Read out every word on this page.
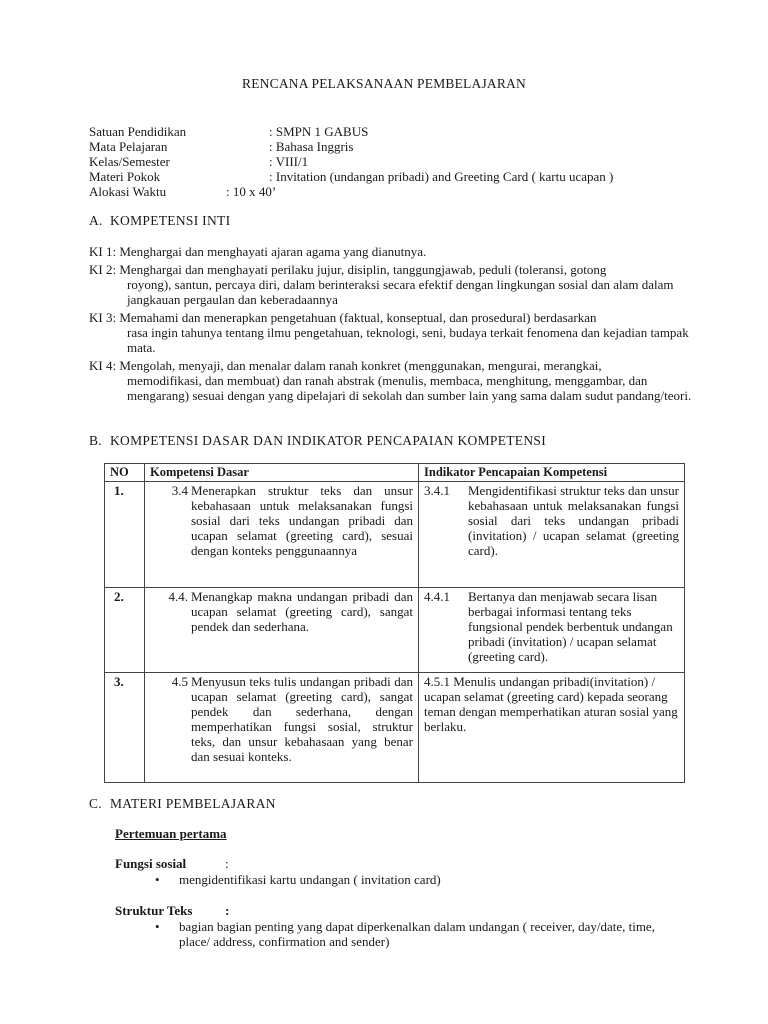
RENCANA PELAKSANAAN PEMBELAJARAN
Satuan Pendidikan	: SMPN 1 GABUS
Mata Pelajaran	: Bahasa Inggris
Kelas/Semester	: VIII/1
Materi Pokok	: Invitation (undangan pribadi) and Greeting Card ( kartu ucapan )
Alokasi Waktu	: 10 x 40’
A. KOMPETENSI INTI
KI 1: Menghargai dan menghayati ajaran agama yang dianutnya.
KI 2: Menghargai dan menghayati perilaku jujur, disiplin, tanggungjawab, peduli (toleransi, gotong
royong), santun, percaya diri, dalam berinteraksi secara efektif dengan lingkungan sosial dan alam dalam jangkauan pergaulan dan keberadaannya
KI 3: Memahami dan menerapkan pengetahuan (faktual, konseptual, dan prosedural) berdasarkan
rasa ingin tahunya tentang ilmu pengetahuan, teknologi, seni, budaya terkait fenomena dan kejadian tampak mata.
KI 4: Mengolah, menyaji, dan menalar dalam ranah konkret (menggunakan, mengurai, merangkai,
memodifikasi, dan membuat) dan ranah abstrak (menulis, membaca, menghitung, menggambar, dan mengarang) sesuai dengan yang dipelajari di sekolah dan sumber lain yang sama dalam sudut pandang/teori.
B. KOMPETENSI DASAR DAN INDIKATOR PENCAPAIAN KOMPETENSI
NO	Kompetensi Dasar	Indikator Pencapaian Kompetensi
1.	3.4 Menerapkan struktur teks dan unsur kebahasaan untuk melaksanakan fungsi sosial dari teks undangan pribadi dan ucapan selamat (greeting card), sesuai dengan konteks penggunaannya	3.4.1 Mengidentifikasi struktur teks dan unsur kebahasaan untuk melaksanakan fungsi sosial dari teks undangan pribadi (invitation) / ucapan selamat (greeting card).

2.	4.4. Menangkap makna undangan pribadi dan ucapan selamat (greeting card), sangat pendek dan sederhana.	4.4.1 Bertanya dan menjawab secara lisan berbagai informasi tentang teks fungsional pendek berbentuk undangan pribadi (invitation) / ucapan selamat (greeting card).

3.	4.5 Menyusun teks tulis undangan pribadi dan ucapan selamat (greeting card), sangat pendek dan sederhana, dengan memperhatikan fungsi sosial, struktur teks, dan unsur kebahasaan yang benar dan sesuai konteks.	4.5.1 Menulis undangan pribadi(invitation) / ucapan selamat (greeting card) kepada seorang teman dengan memperhatikan aturan sosial yang berlaku.
C. MATERI PEMBELAJARAN
Pertemuan pertama
Fungsi sosial	:
•	mengidentifikasi kartu undangan ( invitation card)
Struktur Teks	:
•	bagian bagian penting yang dapat diperkenalkan dalam undangan ( receiver, day/date, time, place/ address, confirmation and sender)
